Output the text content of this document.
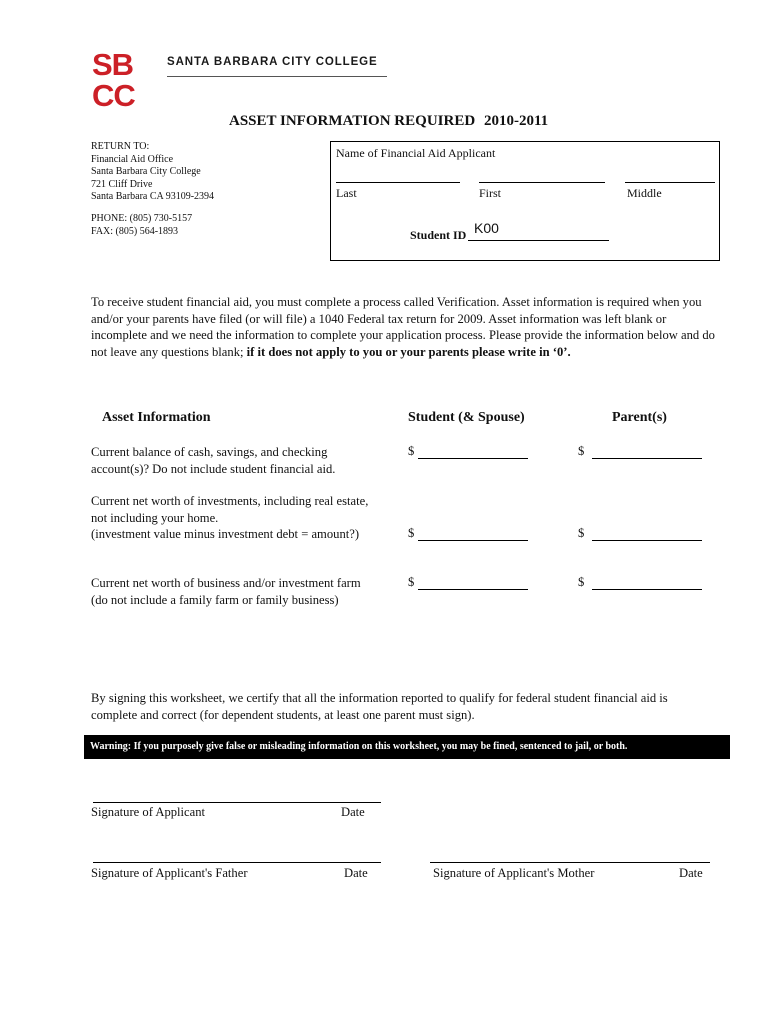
SB
CC
SANTA BARBARA CITY COLLEGE
ASSET INFORMATION REQUIRED 2010-2011
RETURN TO:
Financial Aid Office
Santa Barbara City College
721 Cliff Drive
Santa Barbara CA 93109-2394
PHONE: (805) 730-5157
FAX: (805) 564-1893
Name of Financial Aid Applicant
Last	First	Middle
Student ID K00

To receive student financial aid, you must complete a process called Verification. Asset information is required when you and/or your parents have filed (or will file) a 1040 Federal tax return for 2009. Asset information was left blank or incomplete and we need the information to complete your application process. Please provide the information below and do not leave any questions blank; if it does not apply to you or your parents please write in ‘0’.

Asset Information	Student (& Spouse)	Parent(s)
Current balance of cash, savings, and checking
account(s)? Do not include student financial aid.
$	$
Current net worth of investments, including real estate,
not including your home.
(investment value minus investment debt = amount?)	$	$
Current net worth of business and/or investment farm
(do not include a family farm or family business)
$	$
By signing this worksheet, we certify that all the information reported to qualify for federal student financial aid is
complete and correct (for dependent students, at least one parent must sign).
Warning: If you purposely give false or misleading information on this worksheet, you may be fined, sentenced to jail, or both.
Signature of Applicant	Date
Signature of Applicant's Father	Date	Signature of Applicant's Mother	Date
